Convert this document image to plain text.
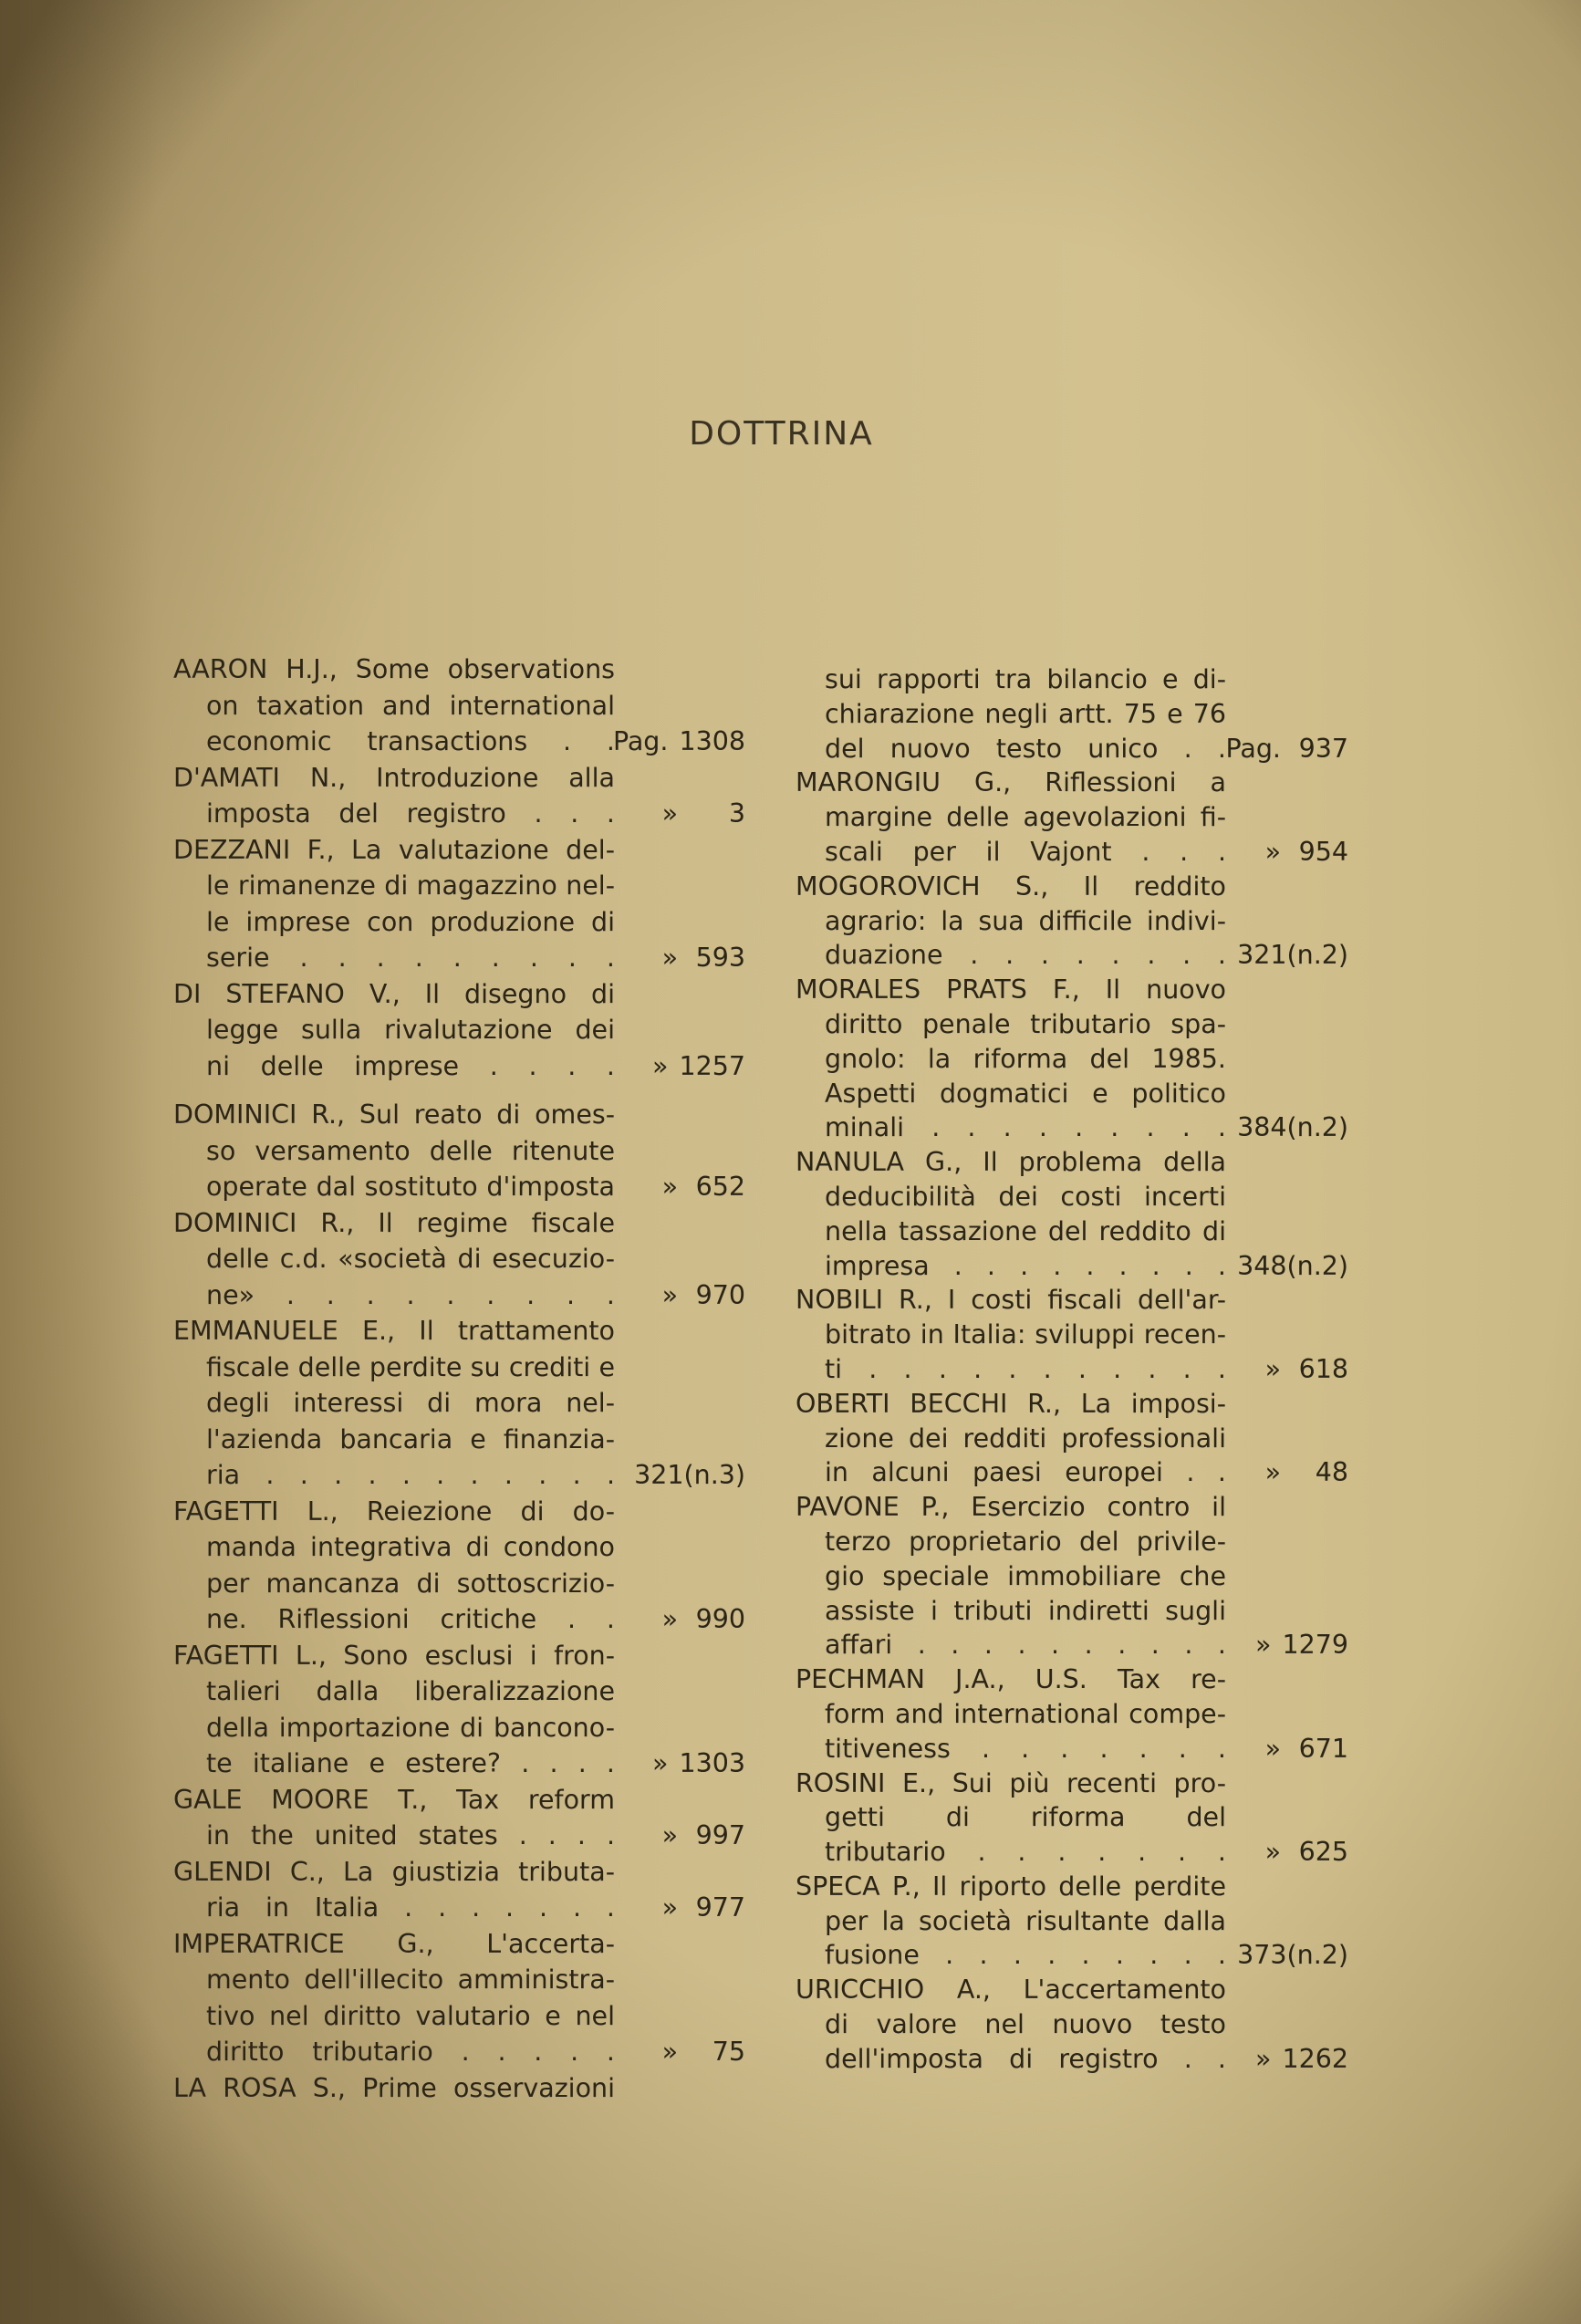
DOTTRINA
AARON H.J., Some observations
on taxation and international
economic transactions . .
Pag. 1308
D'AMATI N., Introduzione alla
imposta del registro . . .	»	3
DEZZANI F., La valutazione del-
le rimanenze di magazzino nel-
le imprese con produzione di
serie . . . . . . . . .	» 593
DI STEFANO V., Il disegno di
legge sulla rivalutazione dei
ni delle imprese . . . .	» 1257
DOMINICI R., Sul reato di omes-
so versamento delle ritenute
operate dal sostituto d'imposta	» 652
DOMINICI R., Il regime fiscale
delle c.d. «società di esecuzio-
ne» . . . . . . . . .	» 970
EMMANUELE E., Il trattamento
fiscale delle perdite su crediti e
degli interessi di mora nel-
l'azienda bancaria e finanzia-
ria . . . . . . . . . . . 321(n.3)
FAGETTI L., Reiezione di do-
manda integrativa di condono
per mancanza di sottoscrizio-
ne. Riflessioni critiche . .	» 990
FAGETTI L., Sono esclusi i fron-
talieri dalla liberalizzazione
della importazione di bancono-
te italiane e estere? . . . .	» 1303
GALE MOORE T., Tax reform
in the united states . . . .	» 997
GLENDI C., La giustizia tributa-
ria in Italia . . . . . . .	» 977
IMPERATRICE G., L'accerta-
mento dell'illecito amministra-
tivo nel diritto valutario e nel
diritto tributario . . . . .	»	75
LA ROSA S., Prime osservazioni
sui rapporti tra bilancio e di-
chiarazione negli artt. 75 e 76
del nuovo testo unico . . Pag. 937
MARONGIU G., Riflessioni a
margine delle agevolazioni fi-
scali per il Vajont . . .	» 954
MOGOROVICH S., Il reddito
agrario: la sua difficile indivi-
duazione . . . . . . . . 321(n.2)
MORALES PRATS F., Il nuovo
diritto penale tributario spa-
gnolo: la riforma del 1985.
Aspetti dogmatici e politico
minali . . . . . . . . . 384(n.2)
NANULA G., Il problema della
deducibilità dei costi incerti
nella tassazione del reddito di
impresa . . . . . . . . . 348(n.2)
NOBILI R., I costi fiscali dell'ar-
bitrato in Italia: sviluppi recen-
ti . . . . . . . . . . .	» 618
OBERTI BECCHI R., La imposi-
zione dei redditi professionali
in alcuni paesi europei . .	»	48
PAVONE P., Esercizio contro il
terzo proprietario del privile-
gio speciale immobiliare che
assiste i tributi indiretti sugli
affari . . . . . . . . . .	» 1279
PECHMAN J.A., U.S. Tax re-
form and international compe-
titiveness . . . . . . .	» 671
ROSINI E., Sui più recenti pro-
getti di riforma del
tributario . . . . . . .	» 625
SPECA P., Il riporto delle perdite
per la società risultante dalla
fusione . . . . . . . . . 373(n.2)
URICCHIO A., L'accertamento
di valore nel nuovo testo
dell'imposta di registro . .	» 1262
